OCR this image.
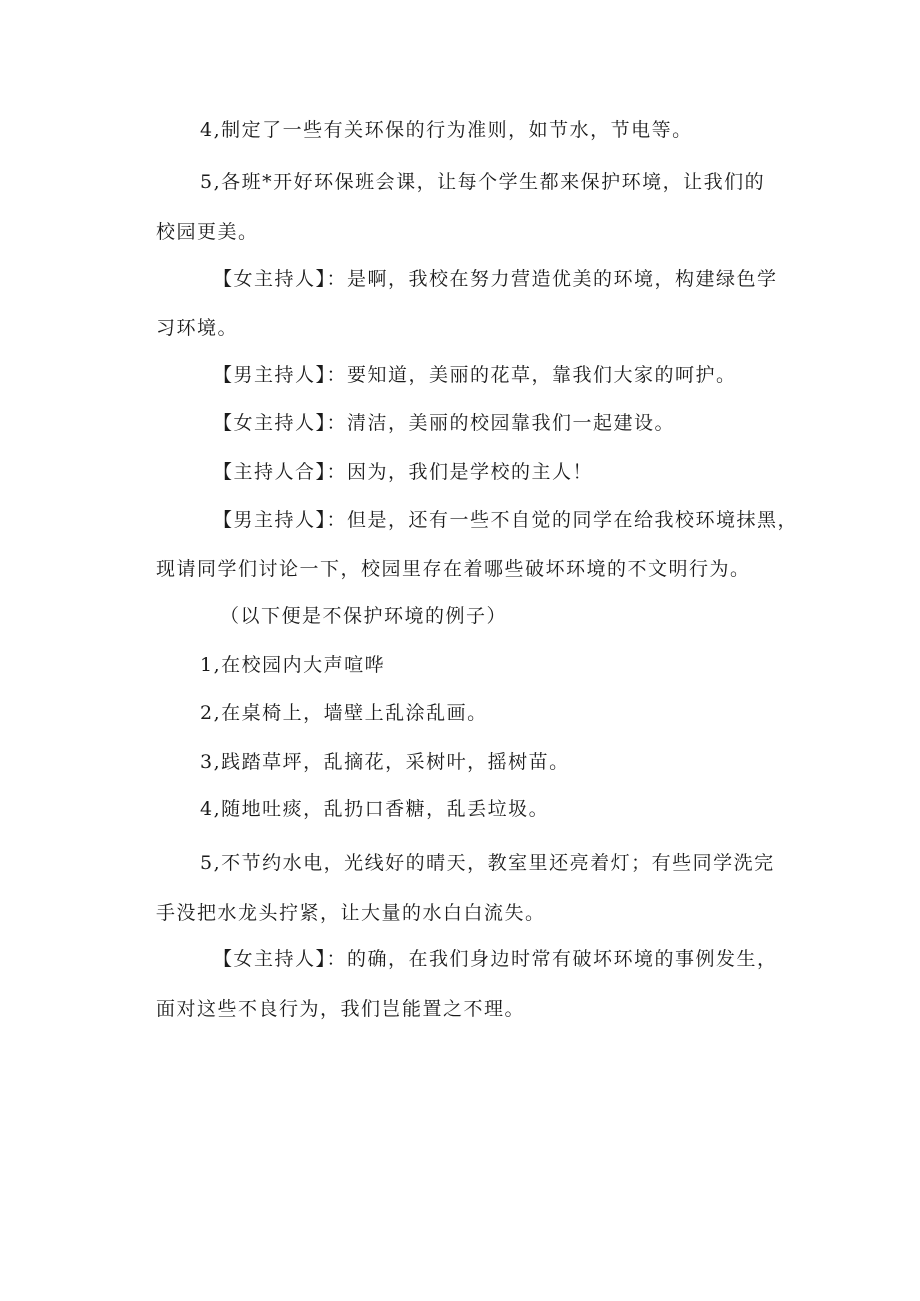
4,制定了一些有关环保的行为准则，如节水，节电等。
5,各班*开好环保班会课，让每个学生都来保护环境，让我们的
校园更美。
【女主持人】：是啊，我校在努力营造优美的环境，构建绿色学
习环境。
【男主持人】：要知道，美丽的花草，靠我们大家的呵护。
【女主持人】：清洁，美丽的校园靠我们一起建设。
【主持人合】：因为，我们是学校的主人！
【男主持人】：但是，还有一些不自觉的同学在给我校环境抹黑，
现请同学们讨论一下，校园里存在着哪些破坏环境的不文明行为。
（以下便是不保护环境的例子）
1,在校园内大声喧哗
2,在桌椅上，墙壁上乱涂乱画。
3,践踏草坪，乱摘花，采树叶，摇树苗。
4,随地吐痰，乱扔口香糖，乱丢垃圾。
5,不节约水电，光线好的晴天，教室里还亮着灯；有些同学洗完
手没把水龙头拧紧，让大量的水白白流失。
【女主持人】：的确，在我们身边时常有破坏环境的事例发生，
面对这些不良行为，我们岂能置之不理。
